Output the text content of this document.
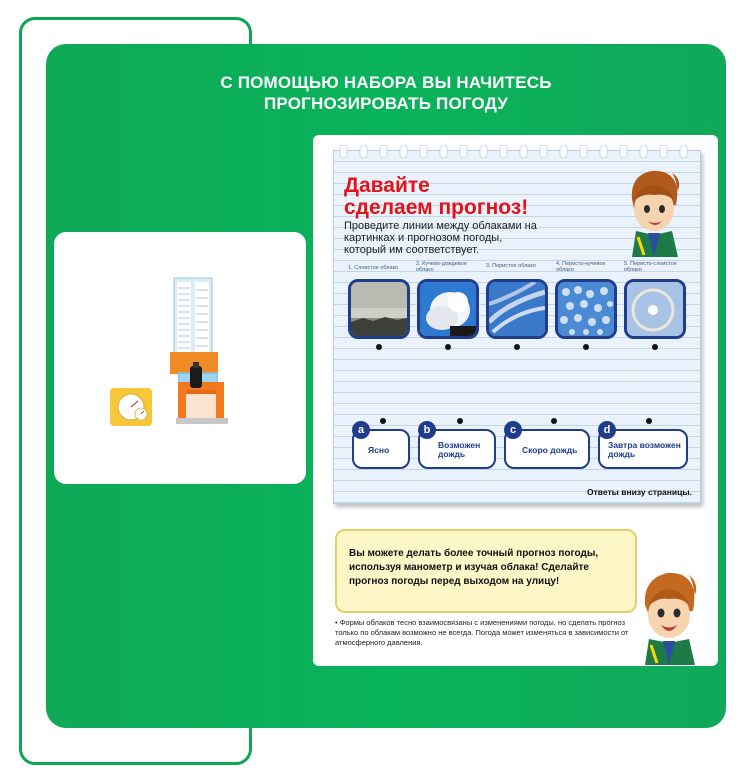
С ПОМОЩЬЮ НАБОРА ВЫ НАЧИТЕСЬ
ПРОГНОЗИРОВАТЬ ПОГОДУ
Давайте
сделаем прогноз!
Проведите линии между облаками на картинках и прогнозом погоды, который им соответствует.
1. Слоистое облако
2. Кучево-дождевое облако
3. Перистое облако	4. Перисто-кучевое облако
5. Перисто-слоистое облако
a
Ясно
b
Возможен дождь
c
Скоро дождь
d
Завтра возможен дождь
Ответы внизу страницы.
Вы можете делать более точный прогноз погоды, используя манометр и изучая облака! Сделайте прогноз погоды перед выходом на улицу!
• Формы облаков тесно взаимосвязаны с изменениями погоды, но сделать прогноз только по облакам возможно не всегда. Погода может изменяться в зависимости от атмосферного давления.
